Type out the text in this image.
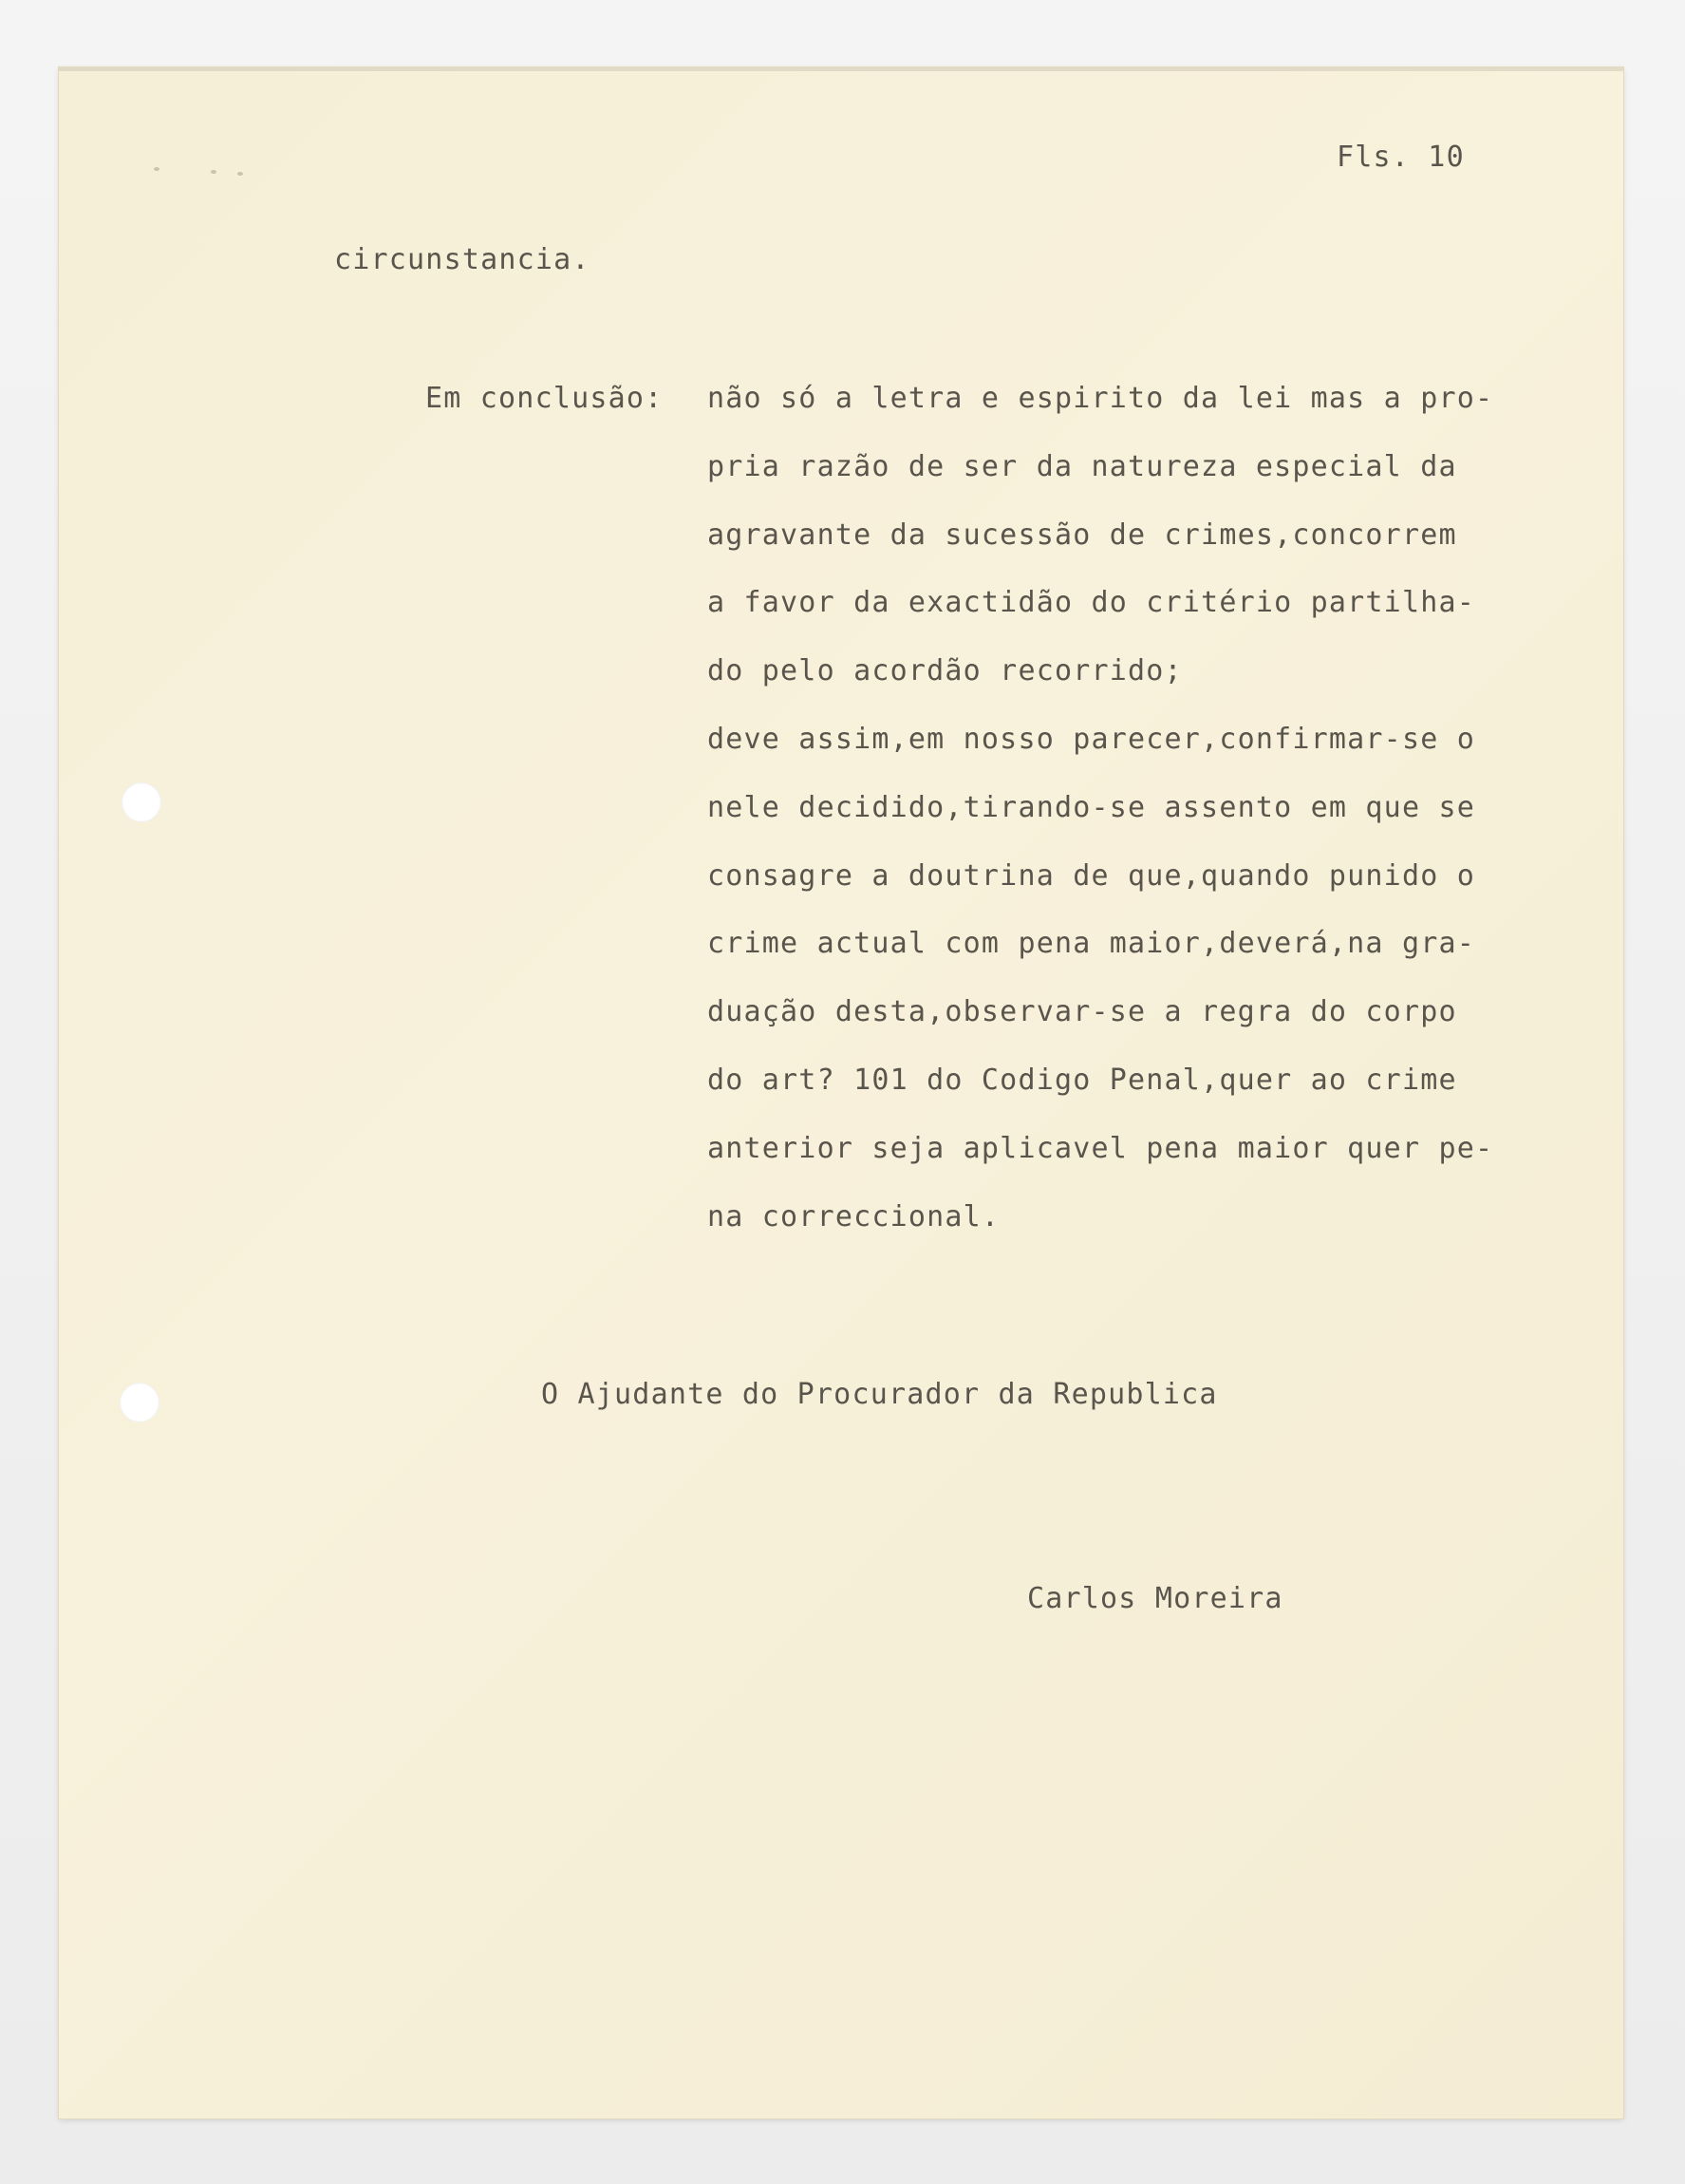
Fls. 10
circunstancia.
Em conclusão: não só a letra e espirito da lei mas a pro-
pria razão de ser da natureza especial da
agravante da sucessão de crimes,concorrem
a favor da exactidão do critério partilha-
do pelo acordão recorrido;
deve assim,em nosso parecer,confirmar-se o
nele decidido,tirando-se assento em que se
consagre a doutrina de que,quando punido o
crime actual com pena maior,deverá,na gra-
duação desta,observar-se a regra do corpo
do art? 101 do Codigo Penal,quer ao crime
anterior seja aplicavel pena maior quer pe-
na correccional.
O Ajudante do Procurador da Republica
Carlos Moreira
